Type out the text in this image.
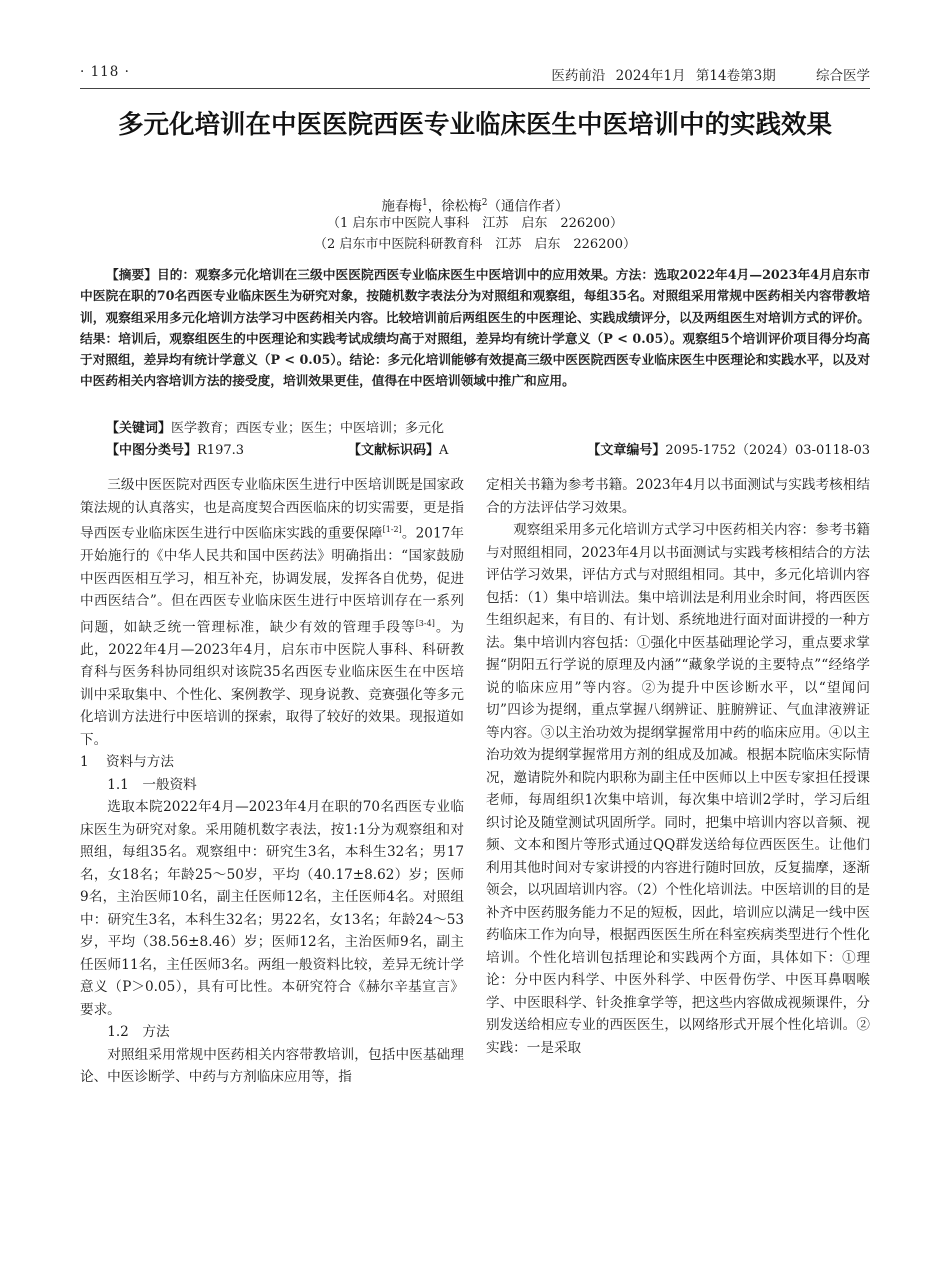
· 118 ·	医药前沿 2024年1月 第14卷第3期	综合医学
多元化培训在中医医院西医专业临床医生中医培训中的实践效果
施春梅$^1$，徐松梅$^2$（通信作者）
（1 启东市中医院人事科　江苏　启东　226200）
（2 启东市中医院科研教育科　江苏　启东　226200）
【摘要】目的：观察多元化培训在三级中医医院西医专业临床医生中医培训中的应用效果。方法：选取2022年4月—2023年4月启东市中医院在职的70名西医专业临床医生为研究对象，按随机数字表法分为对照组和观察组，每组35名。对照组采用常规中医药相关内容带教培训，观察组采用多元化培训方法学习中医药相关内容。比较培训前后两组医生的中医理论、实践成绩评分，以及两组医生对培训方式的评价。结果：培训后，观察组医生的中医理论和实践考试成绩均高于对照组，差异均有统计学意义（P < 0.05）。观察组5个培训评价项目得分均高于对照组，差异均有统计学意义（P < 0.05）。结论：多元化培训能够有效提高三级中医医院西医专业临床医生中医理论和实践水平，以及对中医药相关内容培训方法的接受度，培训效果更佳，值得在中医培训领域中推广和应用。
【关键词】医学教育；西医专业；医生；中医培训；多元化
【中图分类号】R197.3	【文献标识码】A	【文章编号】2095-1752（2024）03-0118-03

三级中医医院对西医专业临床医生进行中医培训既是国家政策法规的认真落实，也是高度契合西医临床的切实需要，更是指导西医专业临床医生进行中医临床实践的重要保障[1-2]。2017年开始施行的《中华人民共和国中医药法》明确指出：“国家鼓励中医西医相互学习，相互补充，协调发展，发挥各自优势，促进中西医结合”。但在西医专业临床医生进行中医培训存在一系列问题，如缺乏统一管理标准，缺少有效的管理手段等[3-4]。为此，2022年4月—2023年4月，启东市中医院人事科、科研教育科与医务科协同组织对该院35名西医专业临床医生在中医培训中采取集中、个性化、案例教学、现身说教、竞赛强化等多元化培训方法进行中医培训的探索，取得了较好的效果。现报道如下。

1 资料与方法

1.1　一般资料

选取本院2022年4月—2023年4月在职的70名西医专业临床医生为研究对象。采用随机数字表法，按1:1分为观察组和对照组，每组35名。观察组中：研究生3名，本科生32名；男17名，女18名；年龄25～50岁，平均（40.17±8.62）岁；医师9名，主治医师10名，副主任医师12名，主任医师4名。对照组中：研究生3名，本科生32名；男22名，女13名；年龄24～53岁，平均（38.56±8.46）岁；医师12名，主治医师9名，副主任医师11名，主任医师3名。两组一般资料比较，差异无统计学意义（P＞0.05），具有可比性。本研究符合《赫尔辛基宣言》要求。

1.2　方法

对照组采用常规中医药相关内容带教培训，包括中医基础理论、中医诊断学、中药与方剂临床应用等，指

定相关书籍为参考书籍。2023年4月以书面测试与实践考核相结合的方法评估学习效果。

观察组采用多元化培训方式学习中医药相关内容：参考书籍与对照组相同，2023年4月以书面测试与实践考核相结合的方法评估学习效果，评估方式与对照组相同。其中，多元化培训内容包括：（1）集中培训法。集中培训法是利用业余时间，将西医医生组织起来，有目的、有计划、系统地进行面对面讲授的一种方法。集中培训内容包括：①强化中医基础理论学习，重点要求掌握“阴阳五行学说的原理及内涵”“藏象学说的主要特点”“经络学说的临床应用”等内容。②为提升中医诊断水平，以“望闻问切”四诊为提纲，重点掌握八纲辨证、脏腑辨证、气血津液辨证等内容。③以主治功效为提纲掌握常用中药的临床应用。④以主治功效为提纲掌握常用方剂的组成及加减。根据本院临床实际情况，邀请院外和院内职称为副主任中医师以上中医专家担任授课老师，每周组织1次集中培训，每次集中培训2学时，学习后组织讨论及随堂测试巩固所学。同时，把集中培训内容以音频、视频、文本和图片等形式通过QQ群发送给每位西医医生。让他们利用其他时间对专家讲授的内容进行随时回放，反复揣摩，逐渐领会，以巩固培训内容。（2）个性化培训法。中医培训的目的是补齐中医药服务能力不足的短板，因此，培训应以满足一线中医药临床工作为向导，根据西医医生所在科室疾病类型进行个性化培训。个性化培训包括理论和实践两个方面，具体如下：①理论：分中医内科学、中医外科学、中医骨伤学、中医耳鼻咽喉学、中医眼科学、针灸推拿学等，把这些内容做成视频课件，分别发送给相应专业的西医医生，以网络形式开展个性化培训。②实践：一是采取
